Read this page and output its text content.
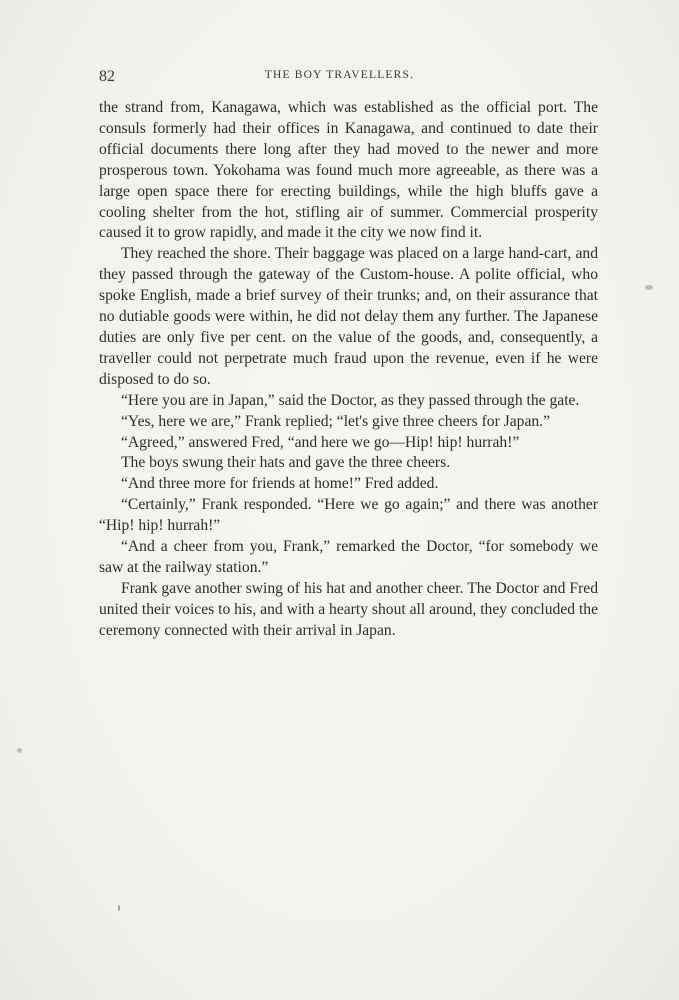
82	THE BOY TRAVELLERS.

the strand from, Kanagawa, which was established as the official port. The consuls formerly had their offices in Kanagawa, and continued to date their official documents there long after they had moved to the newer and more prosperous town. Yokohama was found much more agreeable, as there was a large open space there for erecting buildings, while the high bluffs gave a cooling shelter from the hot, stifling air of summer. Commercial prosperity caused it to grow rapidly, and made it the city we now find it.

They reached the shore. Their baggage was placed on a large hand-cart, and they passed through the gateway of the Custom-house. A polite official, who spoke English, made a brief survey of their trunks; and, on their assurance that no dutiable goods were within, he did not delay them any further. The Japanese duties are only five per cent. on the value of the goods, and, consequently, a traveller could not perpetrate much fraud upon the revenue, even if he were disposed to do so.

“Here you are in Japan,” said the Doctor, as they passed through the gate.

“Yes, here we are,” Frank replied; “let's give three cheers for Japan.”

“Agreed,” answered Fred, “and here we go—Hip! hip! hurrah!”

The boys swung their hats and gave the three cheers.

“And three more for friends at home!” Fred added.

“Certainly,” Frank responded. “Here we go again;” and there was another “Hip! hip! hurrah!”

“And a cheer from you, Frank,” remarked the Doctor, “for somebody we saw at the railway station.”

Frank gave another swing of his hat and another cheer. The Doctor and Fred united their voices to his, and with a hearty shout all around, they concluded the ceremony connected with their arrival in Japan.
